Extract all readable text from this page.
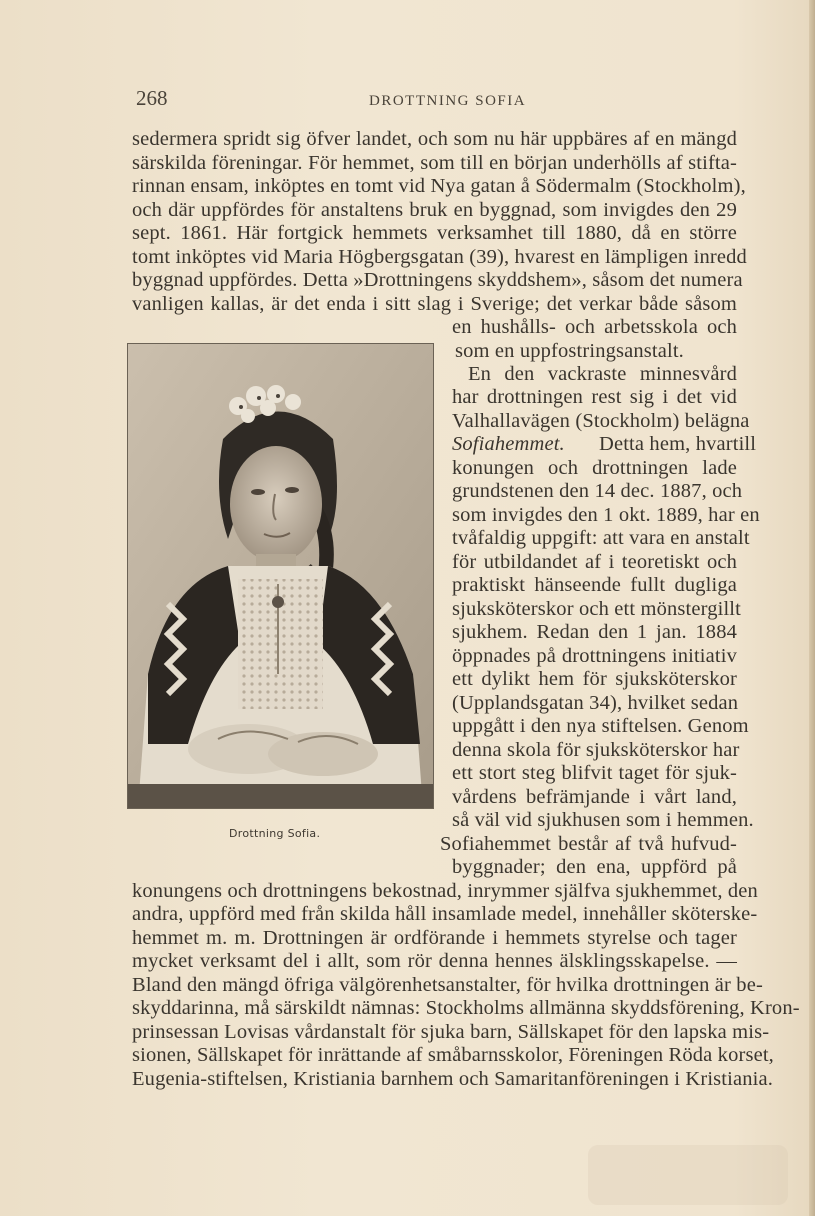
268	DROTTNING SOFIA
sedermera spridt sig öfver landet, och som nu här uppbäres af en mängd
särskilda föreningar. För hemmet, som till en början underhölls af stifta-
rinnan ensam, inköptes en tomt vid Nya gatan å Södermalm (Stockholm),
och där uppfördes för anstaltens bruk en byggnad, som invigdes den 29
sept. 1861. Här fortgick hemmets verksamhet till 1880, då en större
tomt inköptes vid Maria Högbergsgatan (39), hvarest en lämpligen inredd
byggnad uppfördes. Detta »Drottningens skyddshem», såsom det numera
vanligen kallas, är det enda i sitt slag i Sverige; det verkar både såsom
en hushålls- och arbetsskola och
som en uppfostringsanstalt.
En den vackraste minnesvård
har drottningen rest sig i det vid
Valhallavägen (Stockholm) belägna
Sofiahemmet.	Detta hem, hvartill
konungen och drottningen lade
grundstenen den 14 dec. 1887, och
som invigdes den 1 okt. 1889, har en
tvåfaldig uppgift: att vara en anstalt
för utbildandet af i teoretiskt och
praktiskt hänseende fullt dugliga
sjuksköterskor och ett mönstergillt
sjukhem. Redan den 1 jan. 1884
öppnades på drottningens initiativ
ett dylikt hem för sjuksköterskor
(Upplandsgatan 34), hvilket sedan
uppgått i den nya stiftelsen. Genom
denna skola för sjuksköterskor har
ett stort steg blifvit taget för sjuk-
vårdens befrämjande i vårt land,
så väl vid sjukhusen som i hemmen.
Sofiahemmet består af två hufvud-
byggnader; den ena, uppförd på
konungens och drottningens bekostnad, inrymmer själfva sjukhemmet, den
andra, uppförd med från skilda håll insamlade medel, innehåller sköterske-
hemmet m. m. Drottningen är ordförande i hemmets styrelse och tager
mycket verksamt del i allt, som rör denna hennes älsklingsskapelse. —
Bland den mängd öfriga välgörenhetsanstalter, för hvilka drottningen är be-
skyddarinna, må särskildt nämnas: Stockholms allmänna skyddsförening, Kron-
prinsessan Lovisas vårdanstalt för sjuka barn, Sällskapet för den lapska mis-
sionen, Sällskapet för inrättande af småbarnsskolor, Föreningen Röda korset,
Eugenia-stiftelsen, Kristiania barnhem och Samaritanföreningen i Kristiania.
Drottning Sofia.
